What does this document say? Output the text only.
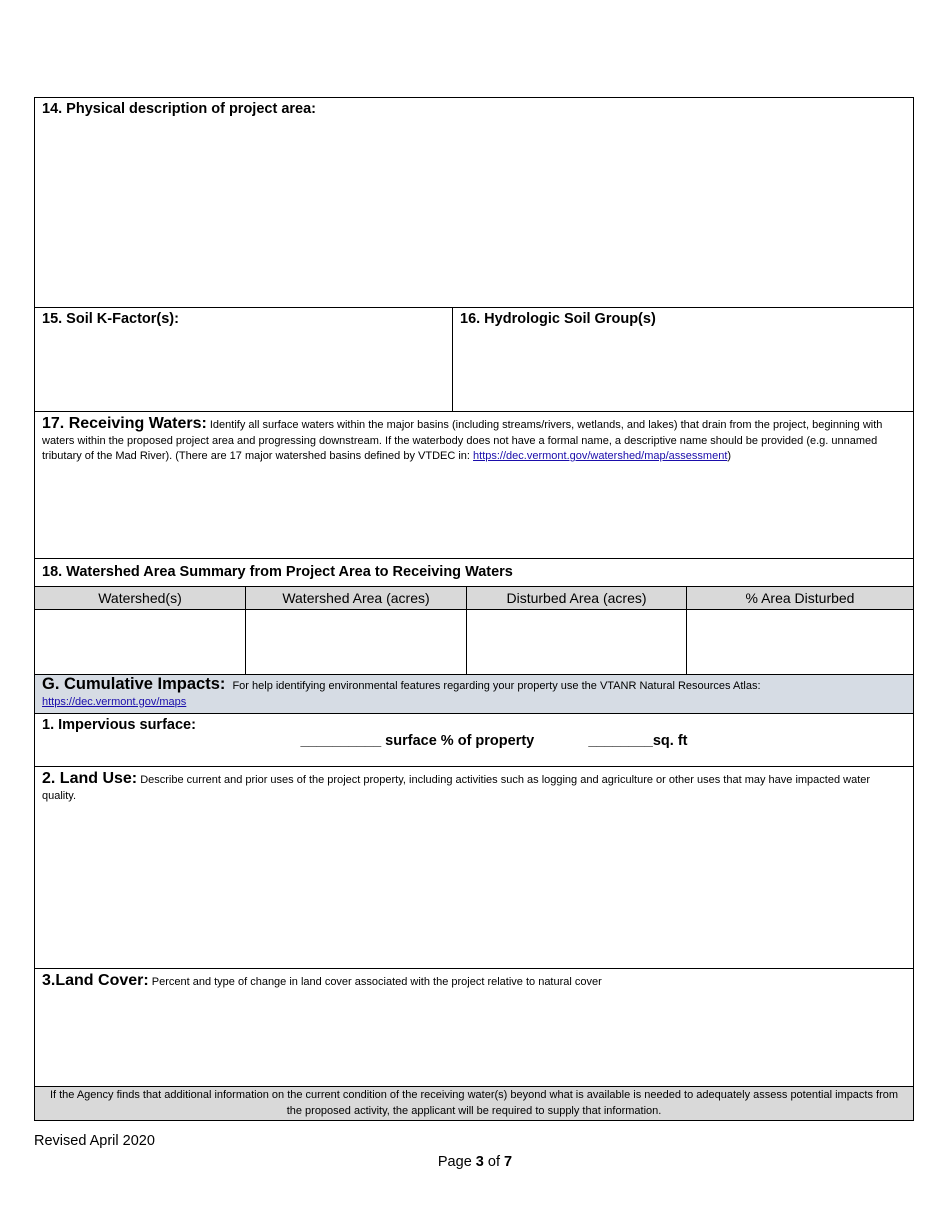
14. Physical description of project area:
15. Soil K-Factor(s):	16. Hydrologic Soil Group(s)
17. Receiving Waters: Identify all surface waters within the major basins (including streams/rivers, wetlands, and lakes) that drain from the project, beginning with waters within the proposed project area and progressing downstream. If the waterbody does not have a formal name, a descriptive name should be provided (e.g. unnamed tributary of the Mad River). (There are 17 major watershed basins defined by VTDEC in: https://dec.vermont.gov/watershed/map/assessment)
18. Watershed Area Summary from Project Area to Receiving Waters
Watershed(s)	Watershed Area (acres)	Disturbed Area (acres)	% Area Disturbed
G. Cumulative Impacts: For help identifying environmental features regarding your property use the VTANR Natural Resources Atlas:
https://dec.vermont.gov/maps
1. Impervious surface:
__________ surface % of property	________sq. ft
2. Land Use: Describe current and prior uses of the project property, including activities such as logging and agriculture or other uses that may have impacted water quality.
3.Land Cover: Percent and type of change in land cover associated with the project relative to natural cover
If the Agency finds that additional information on the current condition of the receiving water(s) beyond what is available is needed to adequately assess potential impacts from the proposed activity, the applicant will be required to supply that information.
Revised April 2020
Page 3 of 7
